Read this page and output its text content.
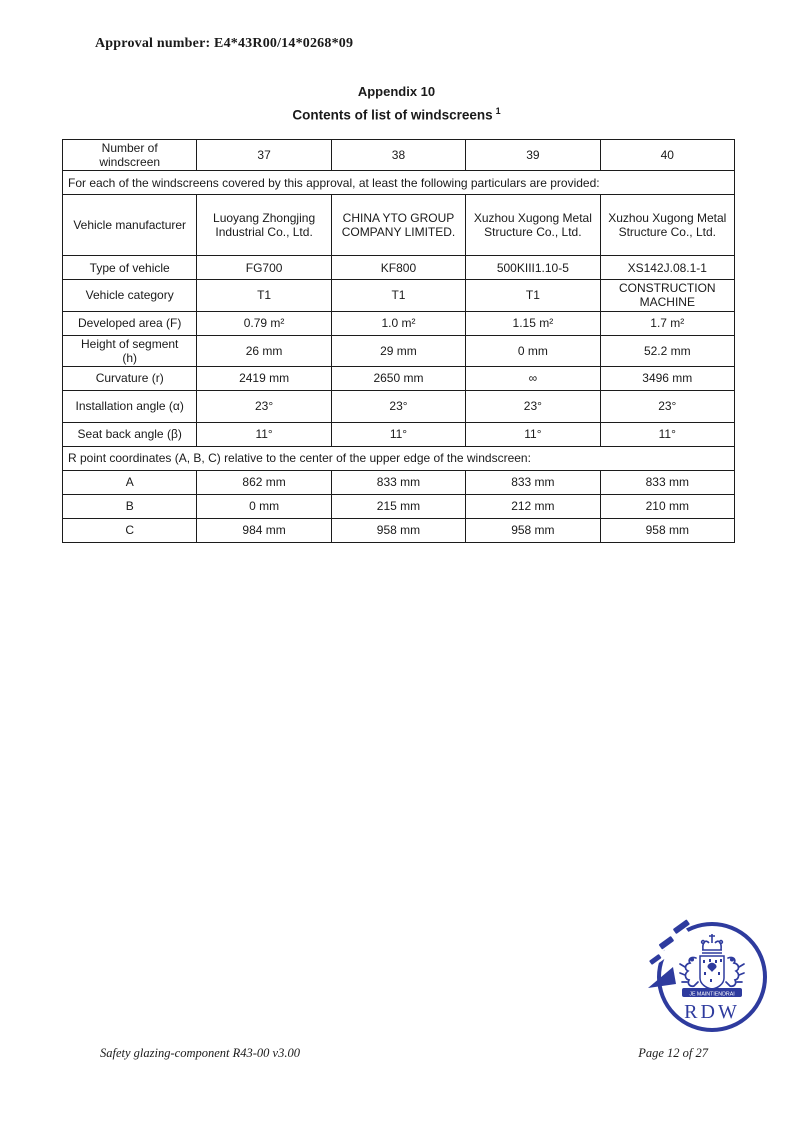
Approval number: E4*43R00/14*0268*09
Appendix 10
Contents of list of windscreens $^1$
Number of windscreen	37	38	39	40
For each of the windscreens covered by this approval, at least the following particulars are provided:				
Vehicle manufacturer	Luoyang Zhongjing Industrial Co., Ltd.	CHINA YTO GROUP COMPANY LIMITED.	Xuzhou Xugong Metal Structure Co., Ltd.	Xuzhou Xugong Metal Structure Co., Ltd.
Type of vehicle	FG700	KF800	500KIII1.10-5	XS142J.08.1-1
Vehicle category	T1	T1	T1	CONSTRUCTION MACHINE
Developed area (F)	0.79 m²	1.0 m²	1.15 m²	1.7 m²
Height of segment (h)	26 mm	29 mm	0 mm	52.2 mm
Curvature (r)	2419 mm	2650 mm	∞	3496 mm
Installation angle (α)	23°	23°	23°	23°
Seat back angle (β)	11°	11°	11°	11°
R point coordinates (A, B, C) relative to the center of the upper edge of the windscreen:				
A	862 mm	833 mm	833 mm	833 mm
B	0 mm	215 mm	212 mm	210 mm
C	984 mm	958 mm	958 mm	958 mm
JE MAINTIENDRAI
RDW
Safety glazing-component R43-00 v3.00	Page 12 of 27
